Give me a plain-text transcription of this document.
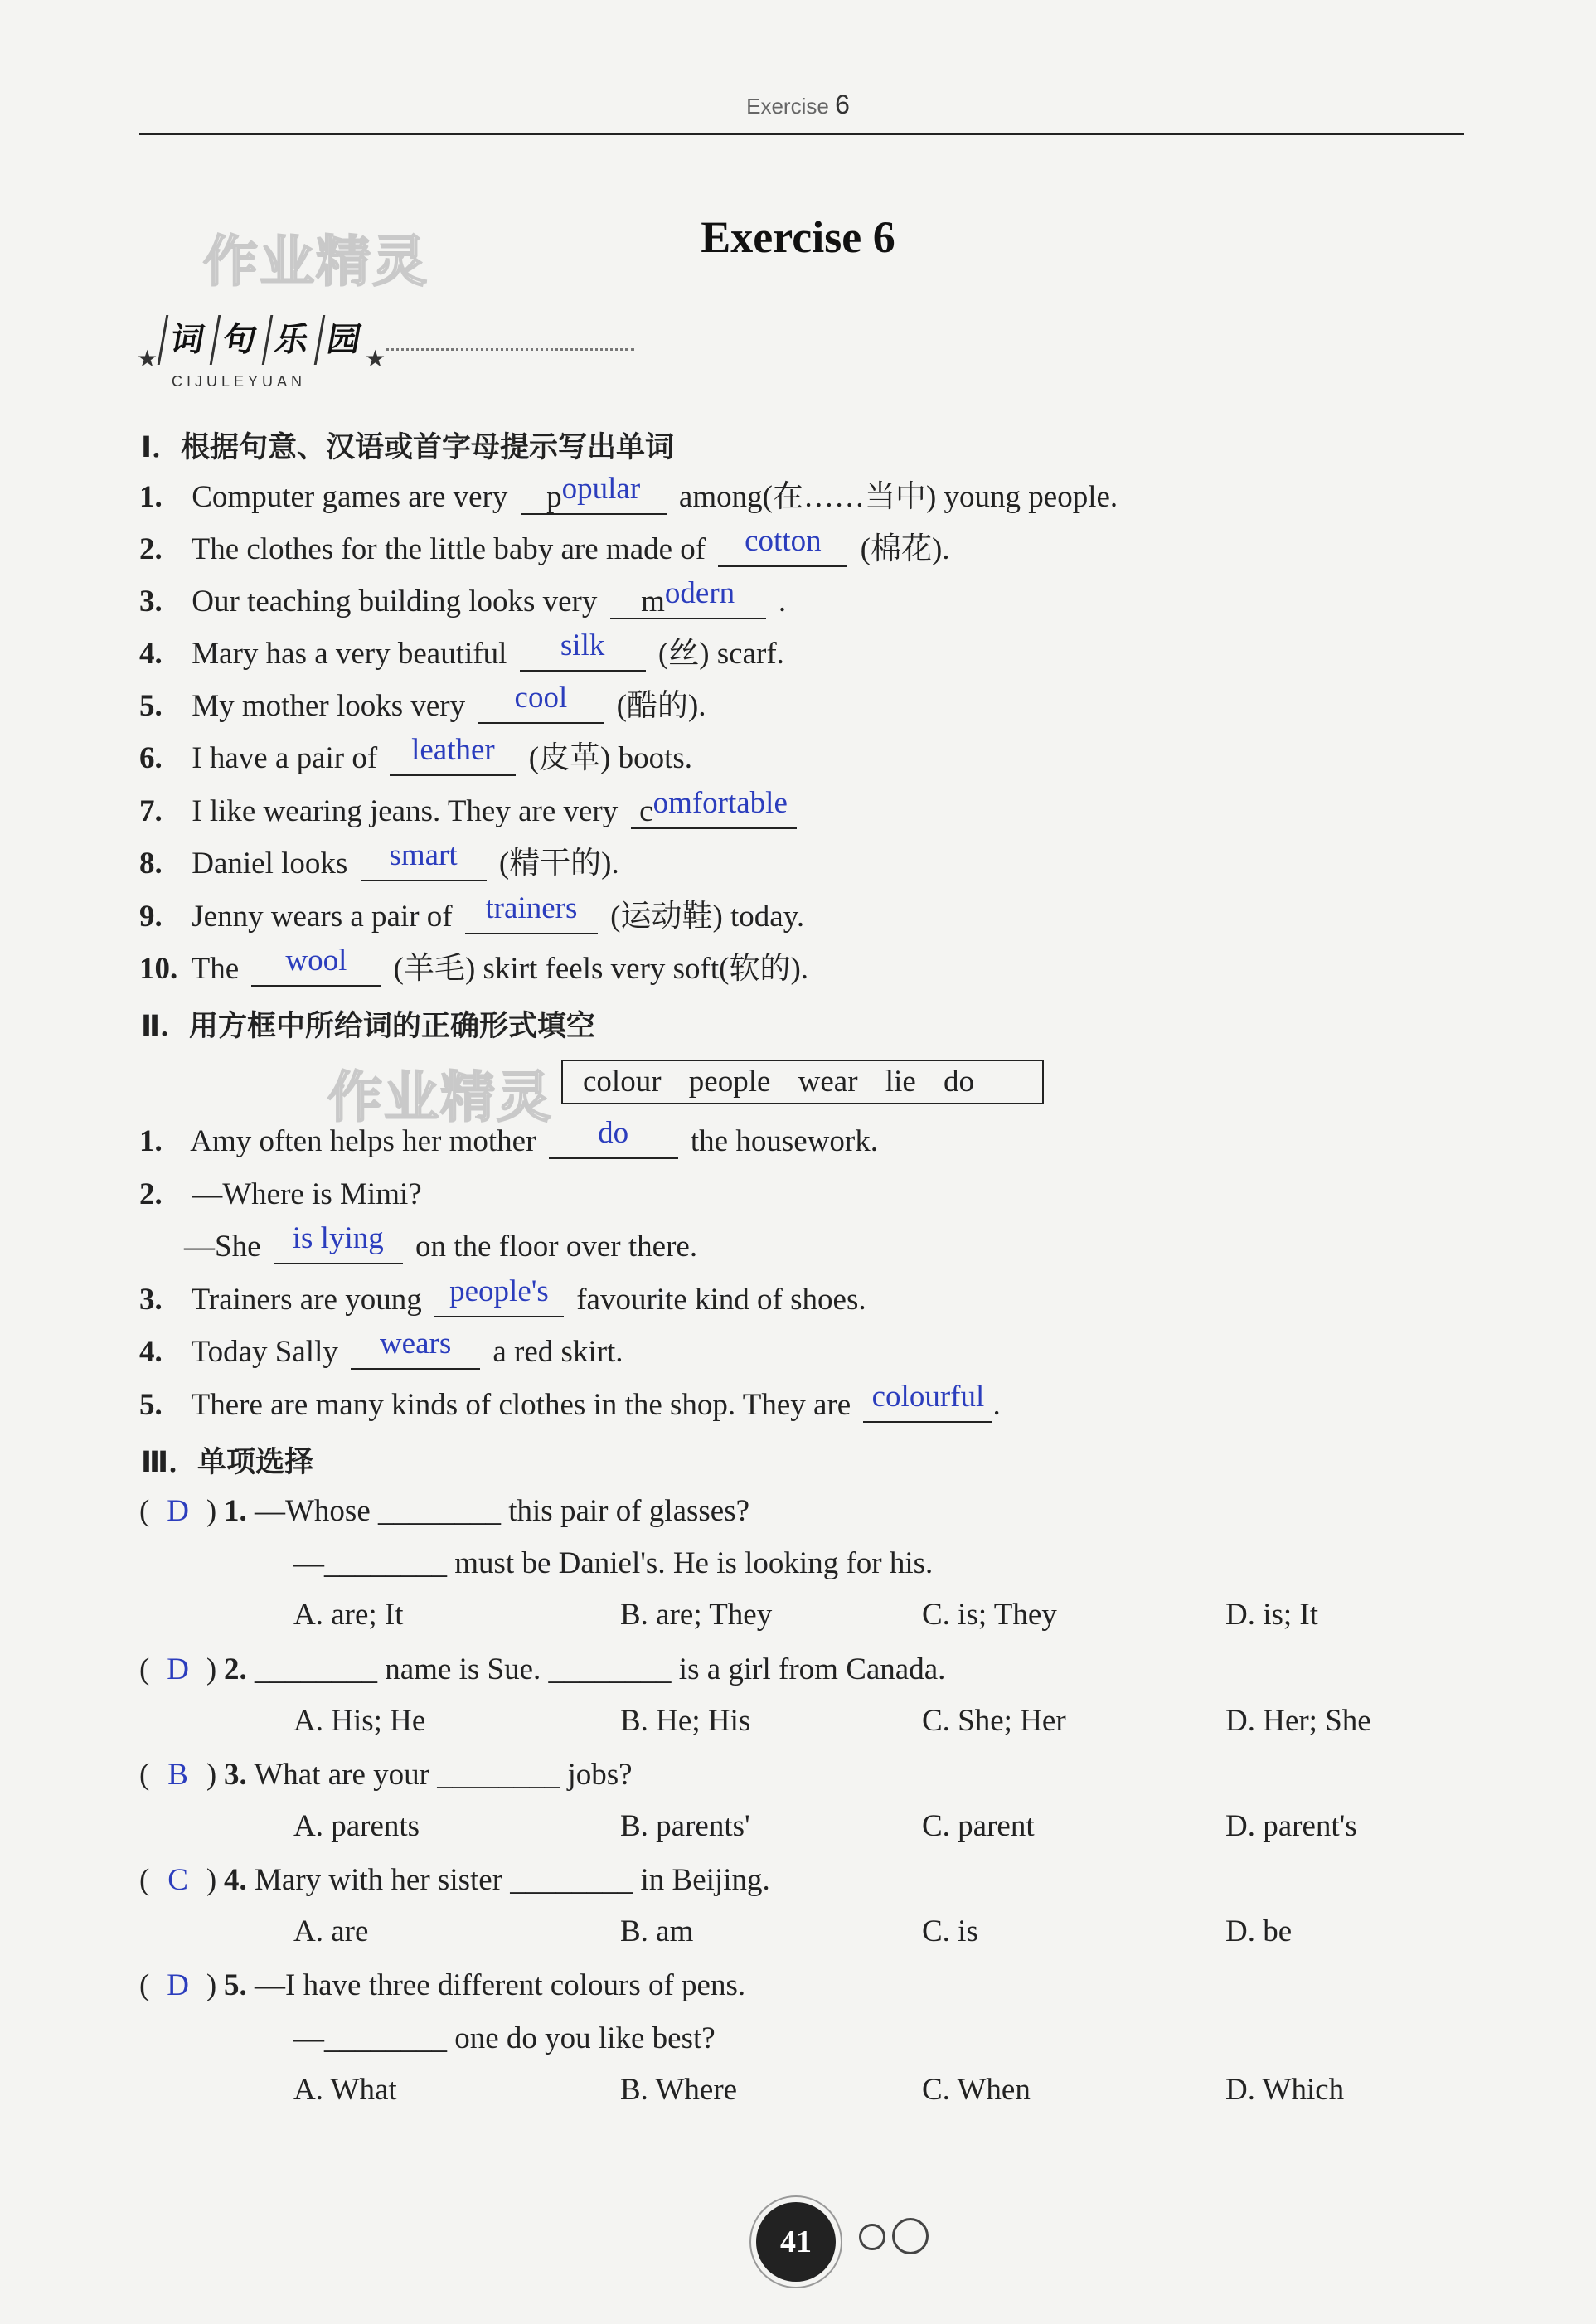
Exercise 6
作业精灵	Exercise 6
★
词 句 乐 园
★
CIJULEYUAN
Ⅰ．根据句意、汉语或首字母提示写出单词
1. Computer games are very popular among(在……当中) young people.
2. The clothes for the little baby are made of cotton (棉花).
3. Our teaching building looks very modern .
4. Mary has a very beautiful silk (丝) scarf.
5. My mother looks very cool (酷的).
6. I have a pair of leather (皮革) boots.
7. I like wearing jeans. They are very comfortable
8. Daniel looks smart (精干的).
9. Jenny wears a pair of trainers (运动鞋) today.
10. The wool (羊毛) skirt feels very soft(软的).
Ⅱ．用方框中所给词的正确形式填空
作业精灵 colour people wear lie do
1. Amy often helps her mother do the housework.
2. —Where is Mimi?
—She is lying on the floor over there.
3. Trainers are young people's favourite kind of shoes.
4. Today Sally wears a red skirt.
5. There are many kinds of clothes in the shop. They are colourful .
Ⅲ．单项选择
( D ) 1. —Whose ________ this pair of glasses?
—________ must be Daniel's. He is looking for his.
A. are; It	B. are; They	C. is; They	D. is; It
( D ) 2. ________ name is Sue. ________ is a girl from Canada.
A. His; He	B. He; His	C. She; Her	D. Her; She
( B ) 3. What are your ________ jobs?
A. parents	B. parents'	C. parent	D. parent's
( C ) 4. Mary with her sister ________ in Beijing.
A. are	B. am	C. is	D. be
( D ) 5. —I have three different colours of pens.
—________ one do you like best?
A. What	B. Where	C. When	D. Which
41
